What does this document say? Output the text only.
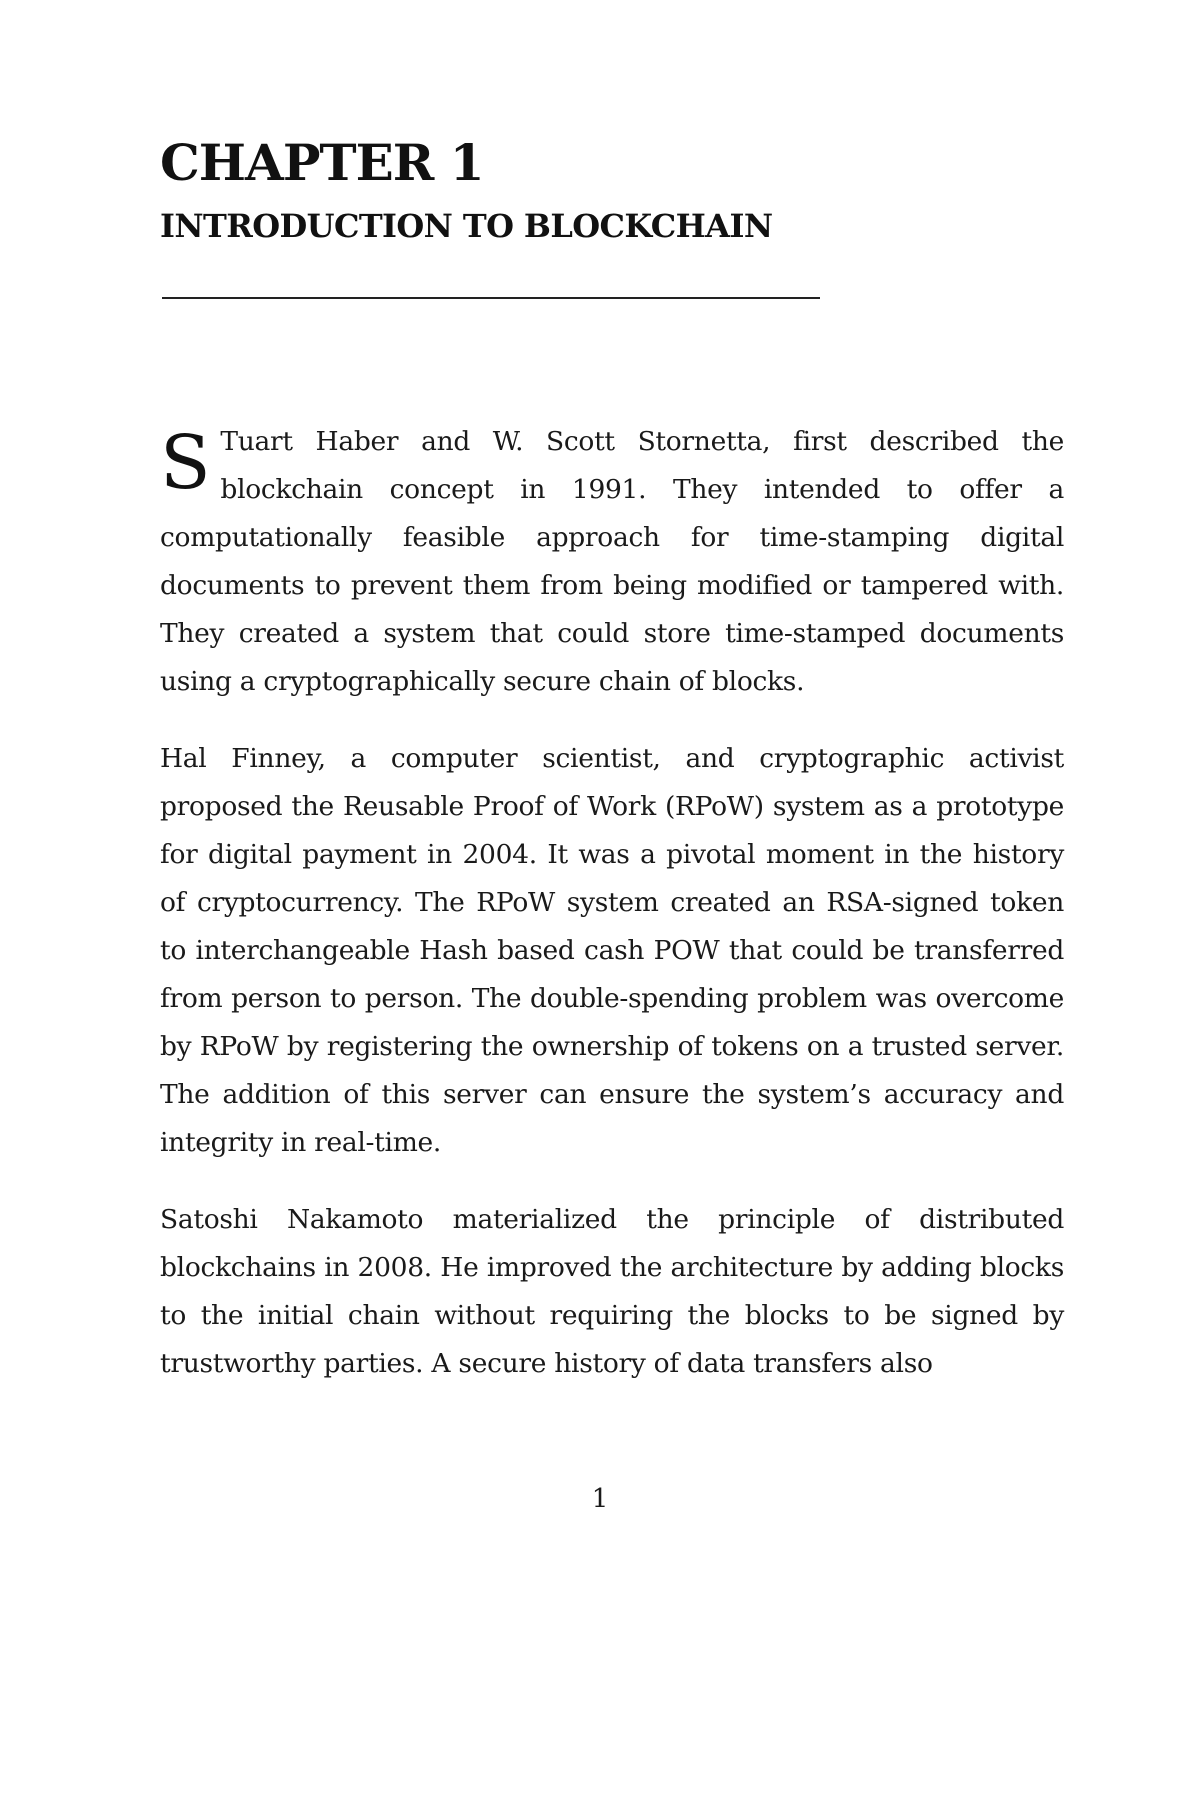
CHAPTER 1
INTRODUCTION TO BLOCKCHAIN

S Tuart Haber and W. Scott Stornetta, first described the blockchain concept in 1991. They intended to offer a computationally feasible approach for time-stamping digital documents to prevent them from being modified or tampered with. They created a system that could store time-stamped documents using a cryptographically secure chain of blocks.

Hal Finney, a computer scientist, and cryptographic activist proposed the Reusable Proof of Work (RPoW) system as a prototype for digital payment in 2004. It was a pivotal moment in the history of cryptocurrency. The RPoW system created an RSA-signed token to interchangeable Hash based cash POW that could be transferred from person to person. The double-spending problem was overcome by RPoW by registering the ownership of tokens on a trusted server. The addition of this server can ensure the system’s accuracy and integrity in real-time.

Satoshi Nakamoto materialized the principle of distributed blockchains in 2008. He improved the architecture by adding blocks to the initial chain without requiring the blocks to be signed by trustworthy parties. A secure history of data transfers also

1
